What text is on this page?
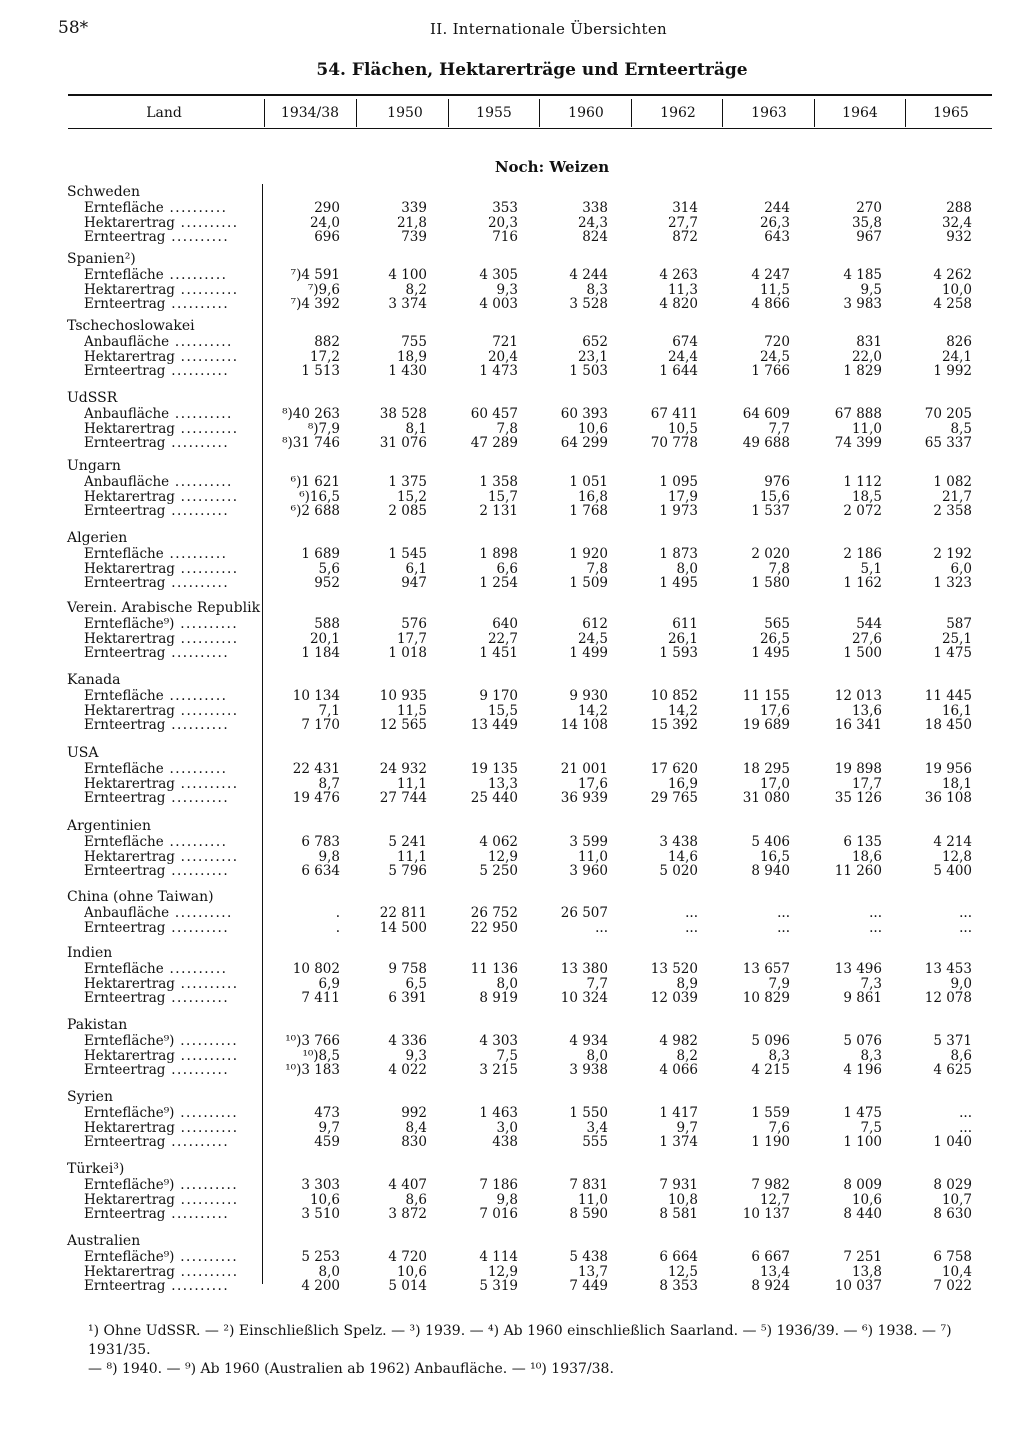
58*	II. Internationale Übersichten
54. Flächen, Hektarerträge und Ernteerträge
Land	1934/38	1950	1955	1960	1962	1963	1964	1965
Noch: Weizen
Schweden
Erntefläche ..........	290	339	353	338	314	244	270	288
Hektarertrag ..........	24,0	21,8	20,3	24,3	27,7	26,3	35,8	32,4
Ernteertrag ..........	696	739	716	824	872	643	967	932
Spanien²)
Erntefläche ..........	⁷)4 591	4 100	4 305	4 244	4 263	4 247	4 185	4 262
Hektarertrag ..........	⁷)9,6	8,2	9,3	8,3	11,3	11,5	9,5	10,0
Ernteertrag ..........	⁷)4 392	3 374	4 003	3 528	4 820	4 866	3 983	4 258
Tschechoslowakei
Anbaufläche ..........	882	755	721	652	674	720	831	826
Hektarertrag ..........	17,2	18,9	20,4	23,1	24,4	24,5	22,0	24,1
Ernteertrag ..........	1 513	1 430	1 473	1 503	1 644	1 766	1 829	1 992
UdSSR
Anbaufläche ..........	⁸)40 263	38 528	60 457	60 393	67 411	64 609	67 888	70 205
Hektarertrag ..........	⁸)7,9	8,1	7,8	10,6	10,5	7,7	11,0	8,5
Ernteertrag ..........	⁸)31 746	31 076	47 289	64 299	70 778	49 688	74 399	65 337
Ungarn
Anbaufläche ..........	⁶)1 621	1 375	1 358	1 051	1 095	976	1 112	1 082
Hektarertrag ..........	⁶)16,5	15,2	15,7	16,8	17,9	15,6	18,5	21,7
Ernteertrag ..........	⁶)2 688	2 085	2 131	1 768	1 973	1 537	2 072	2 358
Algerien
Erntefläche ..........	1 689	1 545	1 898	1 920	1 873	2 020	2 186	2 192
Hektarertrag ..........	5,6	6,1	6,6	7,8	8,0	7,8	5,1	6,0
Ernteertrag ..........	952	947	1 254	1 509	1 495	1 580	1 162	1 323
Verein. Arabische Republik
Erntefläche⁹) ..........	588	576	640	612	611	565	544	587
Hektarertrag ..........	20,1	17,7	22,7	24,5	26,1	26,5	27,6	25,1
Ernteertrag ..........	1 184	1 018	1 451	1 499	1 593	1 495	1 500	1 475
Kanada
Erntefläche ..........	10 134	10 935	9 170	9 930	10 852	11 155	12 013	11 445
Hektarertrag ..........	7,1	11,5	15,5	14,2	14,2	17,6	13,6	16,1
Ernteertrag ..........	7 170	12 565	13 449	14 108	15 392	19 689	16 341	18 450
USA
Erntefläche ..........	22 431	24 932	19 135	21 001	17 620	18 295	19 898	19 956
Hektarertrag ..........	8,7	11,1	13,3	17,6	16,9	17,0	17,7	18,1
Ernteertrag ..........	19 476	27 744	25 440	36 939	29 765	31 080	35 126	36 108
Argentinien
Erntefläche ..........	6 783	5 241	4 062	3 599	3 438	5 406	6 135	4 214
Hektarertrag ..........	9,8	11,1	12,9	11,0	14,6	16,5	18,6	12,8
Ernteertrag ..........	6 634	5 796	5 250	3 960	5 020	8 940	11 260	5 400
China (ohne Taiwan)
Anbaufläche ..........	.	22 811	26 752	26 507	...	...	...	...
Ernteertrag ..........	.	14 500	22 950	...	...	...	...	...
Indien
Erntefläche ..........	10 802	9 758	11 136	13 380	13 520	13 657	13 496	13 453
Hektarertrag ..........	6,9	6,5	8,0	7,7	8,9	7,9	7,3	9,0
Ernteertrag ..........	7 411	6 391	8 919	10 324	12 039	10 829	9 861	12 078
Pakistan
Erntefläche⁹) ..........	¹⁰)3 766	4 336	4 303	4 934	4 982	5 096	5 076	5 371
Hektarertrag ..........	¹⁰)8,5	9,3	7,5	8,0	8,2	8,3	8,3	8,6
Ernteertrag ..........	¹⁰)3 183	4 022	3 215	3 938	4 066	4 215	4 196	4 625
Syrien
Erntefläche⁹) ..........	473	992	1 463	1 550	1 417	1 559	1 475	...
Hektarertrag ..........	9,7	8,4	3,0	3,4	9,7	7,6	7,5	...
Ernteertrag ..........	459	830	438	555	1 374	1 190	1 100	1 040
Türkei³)
Erntefläche⁹) ..........	3 303	4 407	7 186	7 831	7 931	7 982	8 009	8 029
Hektarertrag ..........	10,6	8,6	9,8	11,0	10,8	12,7	10,6	10,7
Ernteertrag ..........	3 510	3 872	7 016	8 590	8 581	10 137	8 440	8 630
Australien
Erntefläche⁹) ..........	5 253	4 720	4 114	5 438	6 664	6 667	7 251	6 758
Hektarertrag ..........	8,0	10,6	12,9	13,7	12,5	13,4	13,8	10,4
Ernteertrag ..........	4 200	5 014	5 319	7 449	8 353	8 924	10 037	7 022
¹) Ohne UdSSR. — ²) Einschließlich Spelz. — ³) 1939. — ⁴) Ab 1960 einschließlich Saarland. — ⁵) 1936/39. — ⁶) 1938. — ⁷) 1931/35.
— ⁸) 1940. — ⁹) Ab 1960 (Australien ab 1962) Anbaufläche. — ¹⁰) 1937/38.
